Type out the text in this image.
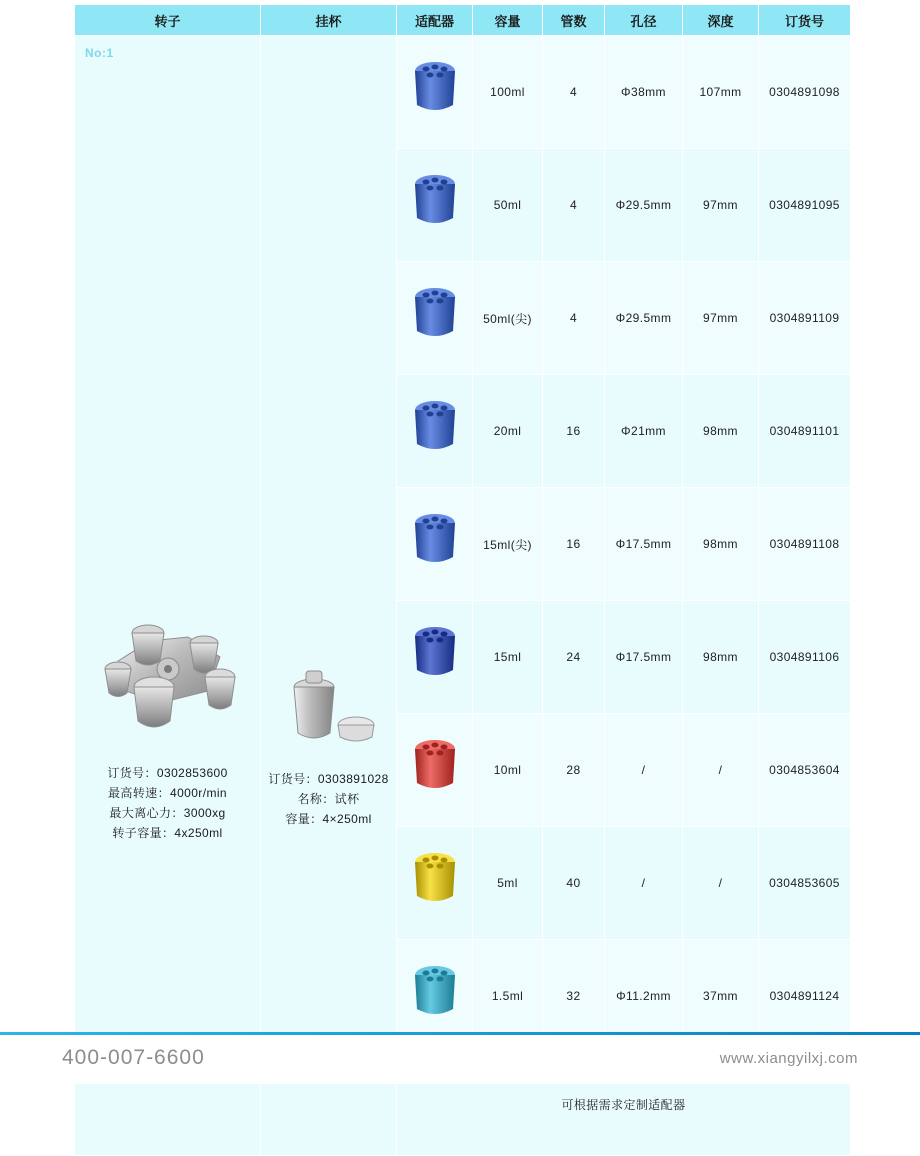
转子	挂杯	适配器	容量	管数	孔径	深度	订货号

No:1
订货号：0302853600
最高转速：4000r/min
最大离心力：3000xg
转子容量：4x250ml

订货号：0303891028
名称：试杯
容量：4×250ml

	100ml	4	Φ38mm	107mm	0304891098

	50ml	4	Φ29.5mm	97mm	0304891095

	50ml(尖)	4	Φ29.5mm	97mm	0304891109

	20ml	16	Φ21mm	98mm	0304891101

	15ml(尖)	16	Φ17.5mm	98mm	0304891108

	15ml	24	Φ17.5mm	98mm	0304891106

	10ml	28	/	/	0304853604

	5ml	40	/	/	0304853605

	1.5ml	32	Φ11.2mm	37mm	0304891124
		可根据需求定制适配器					
400-007-6600	www.xiangyilxj.com
